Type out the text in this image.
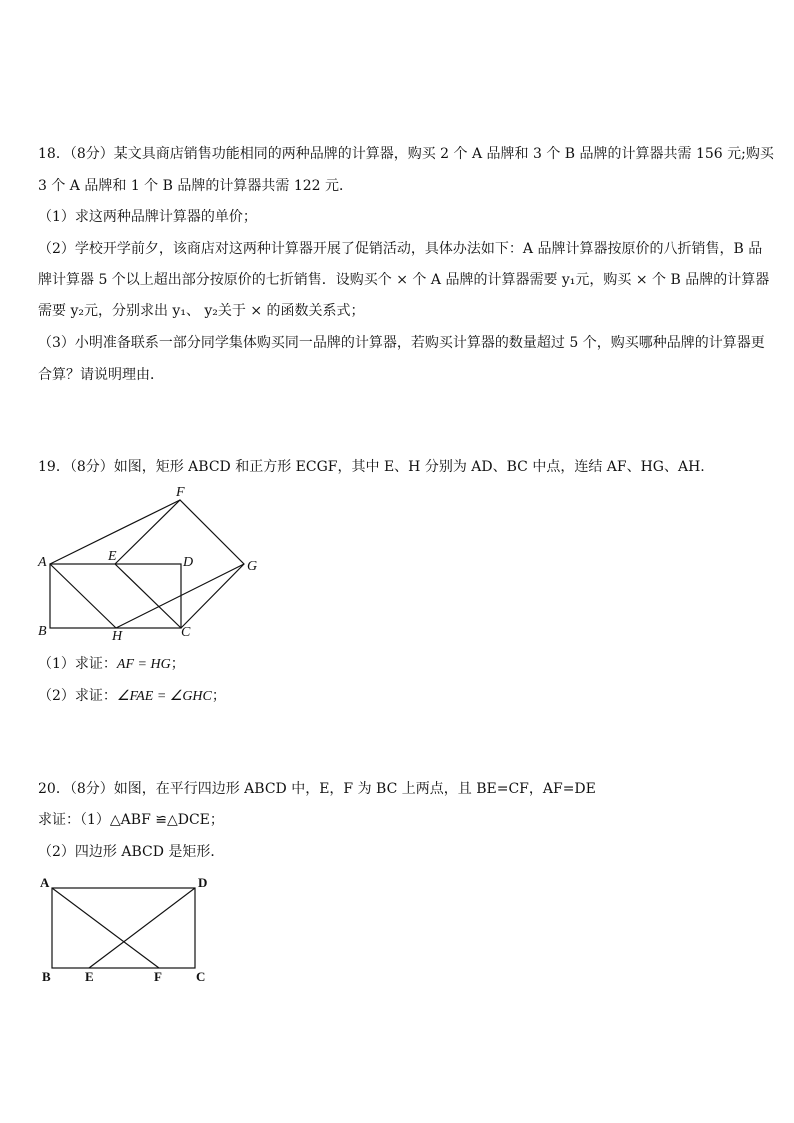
18．（8分）某文具商店销售功能相同的两种品牌的计算器，购买 2 个 A 品牌和 3 个 B 品牌的计算器共需 156 元;购买
3 个 A 品牌和 1 个 B 品牌的计算器共需 122 元．
（1）求这两种品牌计算器的单价；
（2）学校开学前夕，该商店对这两种计算器开展了促销活动，具体办法如下：A 品牌计算器按原价的八折销售，B 品
牌计算器 5 个以上超出部分按原价的七折销售．设购买个 × 个 A 品牌的计算器需要 y₁元，购买 × 个 B 品牌的计算器
需要 y₂元，分别求出 y₁、 y₂关于 × 的函数关系式；
（3）小明准备联系一部分同学集体购买同一品牌的计算器，若购买计算器的数量超过 5 个，购买哪种品牌的计算器更
合算？请说明理由．
19．（8分）如图，矩形 ABCD 和正方形 ECGF，其中 E、H 分别为 AD、BC 中点，连结 AF、HG、AH.
F
A	E	D	G
B	H	C
（1）求证：AF = HG；
（2）求证：∠FAE = ∠GHC；
20．（8分）如图，在平行四边形 ABCD 中，E，F 为 BC 上两点，且 BE=CF，AF=DE
求证：（1）△ABF ≌△DCE；
（2）四边形 ABCD 是矩形．
A	D
B	E	F	C
